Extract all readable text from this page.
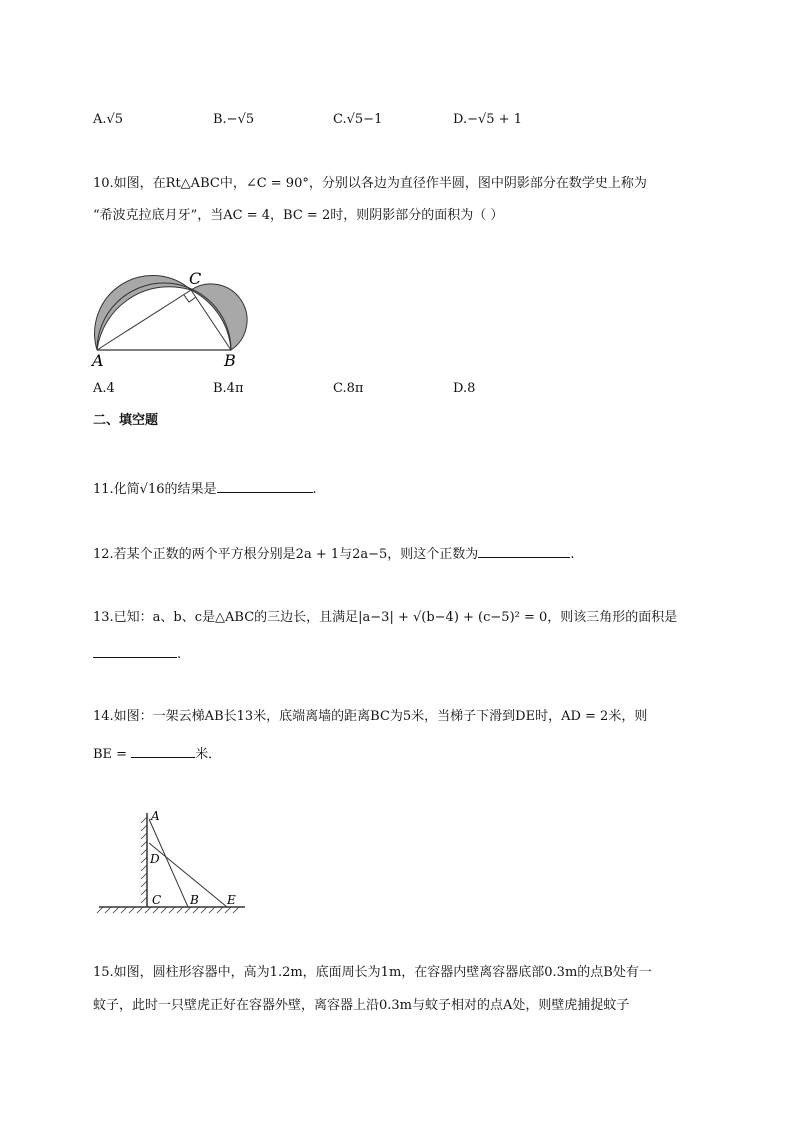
A.√5	B.−√5	C.√5−1	D.−√5 + 1
10.如图，在Rt△ABC中，∠C = 90°，分别以各边为直径作半圆，图中阴影部分在数学史上称为
“希波克拉底月牙”，当AC = 4，BC = 2时，则阴影部分的面积为（ ）
A	B
C
A.4	B.4π	C.8π	D.8
二、填空题
11.化简√16的结果是	.
12.若某个正数的两个平方根分别是2a + 1与2a−5，则这个正数为	.
13.已知：a、b、c是△ABC的三边长，且满足|a−3| + √(b−4) + (c−5)² = 0，则该三角形的面积是
.
14.如图：一架云梯AB长13米，底端离墙的距离BC为5米，当梯子下滑到DE时，AD = 2米，则
BE =	米．
A
D
C B E
15.如图，圆柱形容器中，高为1.2m，底面周长为1m，在容器内壁离容器底部0.3m的点B处有一
蚊子，此时一只壁虎正好在容器外壁，离容器上沿0.3m与蚊子相对的点A处，则壁虎捕捉蚊子
